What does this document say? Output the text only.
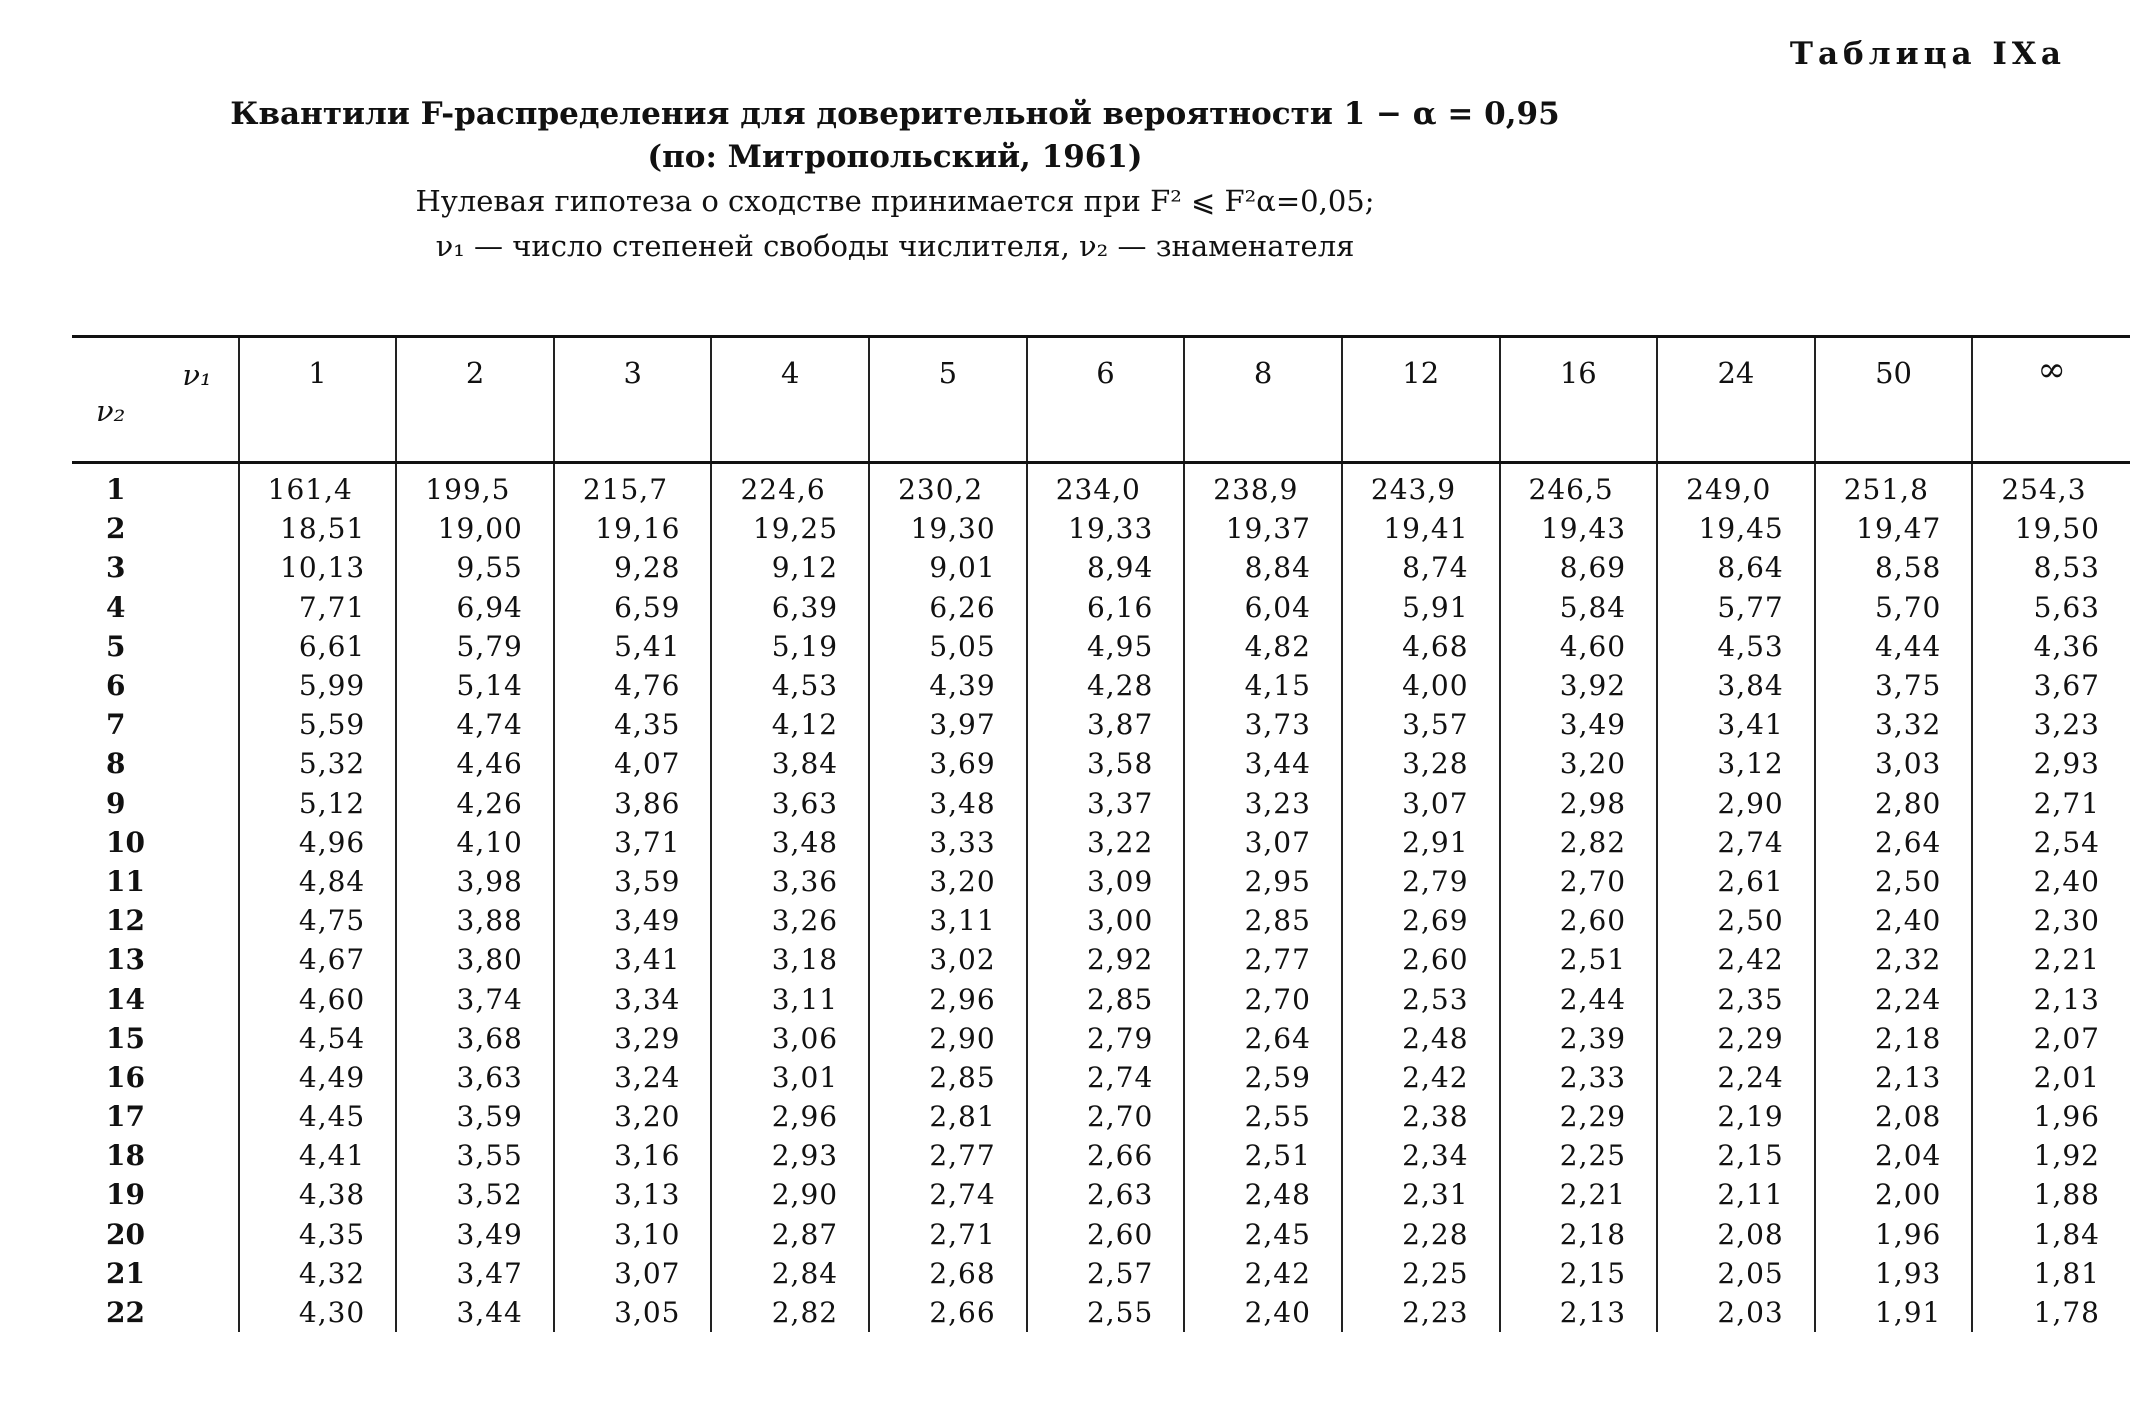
Таблица IXa
Квантили F-распределения для доверительной вероятности 1 − α = 0,95
(по: Митропольский, 1961)
Нулевая гипотеза о сходстве принимается при F² ⩽ F²α=0,05;
ν₁ — число степеней свободы числителя, ν₂ — знаменателя
ν₁
ν₂	1	2	3	4	5	6	8	12	16	24	50	∞
1	161,4	199,5	215,7	224,6	230,2	234,0	238,9	243,9	246,5	249,0	251,8	254,3
2	18,51	19,00	19,16	19,25	19,30	19,33	19,37	19,41	19,43	19,45	19,47	19,50
3	10,13	9,55	9,28	9,12	9,01	8,94	8,84	8,74	8,69	8,64	8,58	8,53
4	7,71	6,94	6,59	6,39	6,26	6,16	6,04	5,91	5,84	5,77	5,70	5,63
5	6,61	5,79	5,41	5,19	5,05	4,95	4,82	4,68	4,60	4,53	4,44	4,36
6	5,99	5,14	4,76	4,53	4,39	4,28	4,15	4,00	3,92	3,84	3,75	3,67
7	5,59	4,74	4,35	4,12	3,97	3,87	3,73	3,57	3,49	3,41	3,32	3,23
8	5,32	4,46	4,07	3,84	3,69	3,58	3,44	3,28	3,20	3,12	3,03	2,93
9	5,12	4,26	3,86	3,63	3,48	3,37	3,23	3,07	2,98	2,90	2,80	2,71
10	4,96	4,10	3,71	3,48	3,33	3,22	3,07	2,91	2,82	2,74	2,64	2,54
11	4,84	3,98	3,59	3,36	3,20	3,09	2,95	2,79	2,70	2,61	2,50	2,40
12	4,75	3,88	3,49	3,26	3,11	3,00	2,85	2,69	2,60	2,50	2,40	2,30
13	4,67	3,80	3,41	3,18	3,02	2,92	2,77	2,60	2,51	2,42	2,32	2,21
14	4,60	3,74	3,34	3,11	2,96	2,85	2,70	2,53	2,44	2,35	2,24	2,13
15	4,54	3,68	3,29	3,06	2,90	2,79	2,64	2,48	2,39	2,29	2,18	2,07
16	4,49	3,63	3,24	3,01	2,85	2,74	2,59	2,42	2,33	2,24	2,13	2,01
17	4,45	3,59	3,20	2,96	2,81	2,70	2,55	2,38	2,29	2,19	2,08	1,96
18	4,41	3,55	3,16	2,93	2,77	2,66	2,51	2,34	2,25	2,15	2,04	1,92
19	4,38	3,52	3,13	2,90	2,74	2,63	2,48	2,31	2,21	2,11	2,00	1,88
20	4,35	3,49	3,10	2,87	2,71	2,60	2,45	2,28	2,18	2,08	1,96	1,84
21	4,32	3,47	3,07	2,84	2,68	2,57	2,42	2,25	2,15	2,05	1,93	1,81
22	4,30	3,44	3,05	2,82	2,66	2,55	2,40	2,23	2,13	2,03	1,91	1,78
